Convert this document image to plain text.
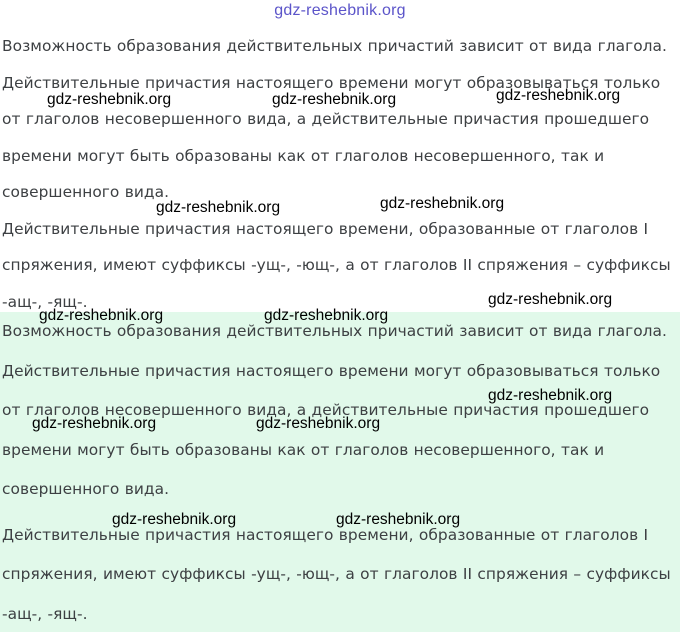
gdz-reshebnik.org

Возможность образования действительных причастий зависит от вида глагола. Действительные причастия настоящего времени могут образовываться только от глаголов несовершенного вида, а действительные причастия прошедшего времени могут быть образованы как от глаголов несовершенного, так и совершенного вида.

Действительные причастия настоящего времени, образованные от глаголов I спряжения, имеют суффиксы -ущ-, -ющ-, а от глаголов II спряжения – суффиксы -ащ-, -ящ-.

Возможность образования действительных причастий зависит от вида глагола. Действительные причастия настоящего времени могут образовываться только от глаголов несовершенного вида, а действительные причастия прошедшего времени могут быть образованы как от глаголов несовершенного, так и совершенного вида.

Действительные причастия настоящего времени, образованные от глаголов I спряжения, имеют суффиксы -ущ-, -ющ-, а от глаголов II спряжения – суффиксы -ащ-, -ящ-.

gdz-reshebnik.org	gdz-reshebnik.org	gdz-reshebnik.org
gdz-reshebnik.org
gdz-reshebnik.org
gdz-reshebnik.org
gdz-reshebnik.org	gdz-reshebnik.org
gdz-reshebnik.org
gdz-reshebnik.org	gdz-reshebnik.org
gdz-reshebnik.org	gdz-reshebnik.org
